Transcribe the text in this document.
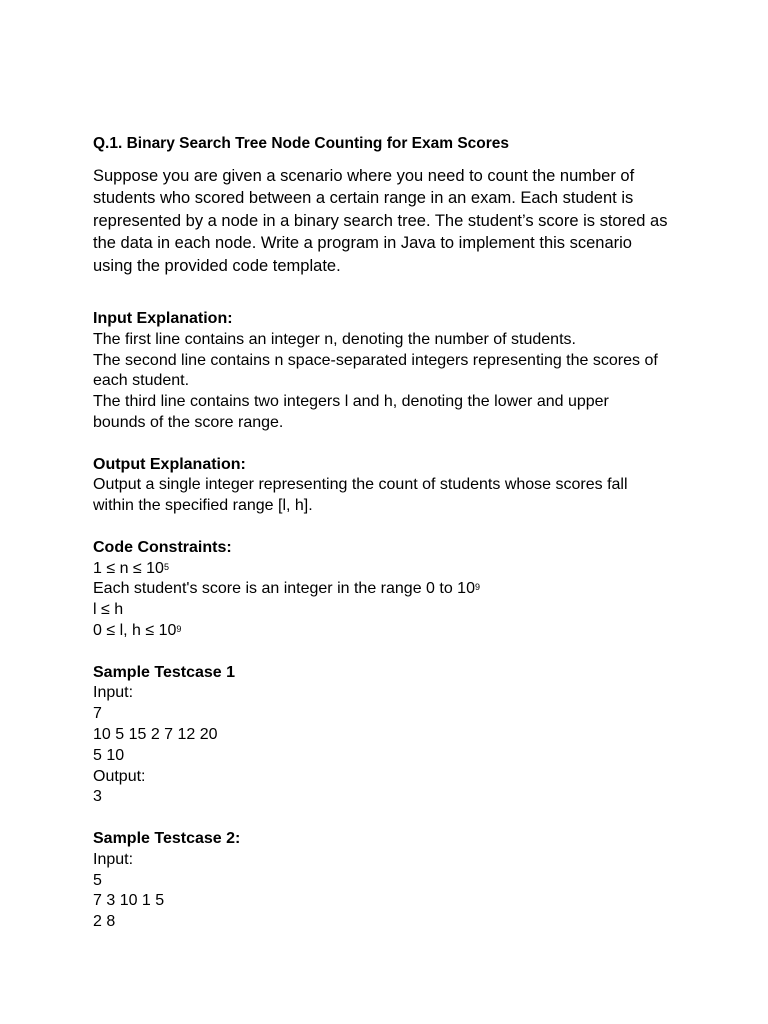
Q.1. Binary Search Tree Node Counting for Exam Scores
Suppose you are given a scenario where you need to count the number of
students who scored between a certain range in an exam. Each student is
represented by a node in a binary search tree. The student’s score is stored as
the data in each node. Write a program in Java to implement this scenario
using the provided code template.
Input Explanation:
The first line contains an integer n, denoting the number of students.
The second line contains n space-separated integers representing the scores of
each student.
The third line contains two integers l and h, denoting the lower and upper
bounds of the score range.
Output Explanation:
Output a single integer representing the count of students whose scores fall
within the specified range [l, h].
Code Constraints:
$1 \le n \le 10^5$
Each student's score is an integer in the range 0 to $10^9$
l ≤ h
0 ≤ l, $h \le 10^9$
Sample Testcase 1
Input:
7
10 5 15 2 7 12 20
5 10
Output:
3
Sample Testcase 2:
Input:
5
7 3 10 1 5
2 8
